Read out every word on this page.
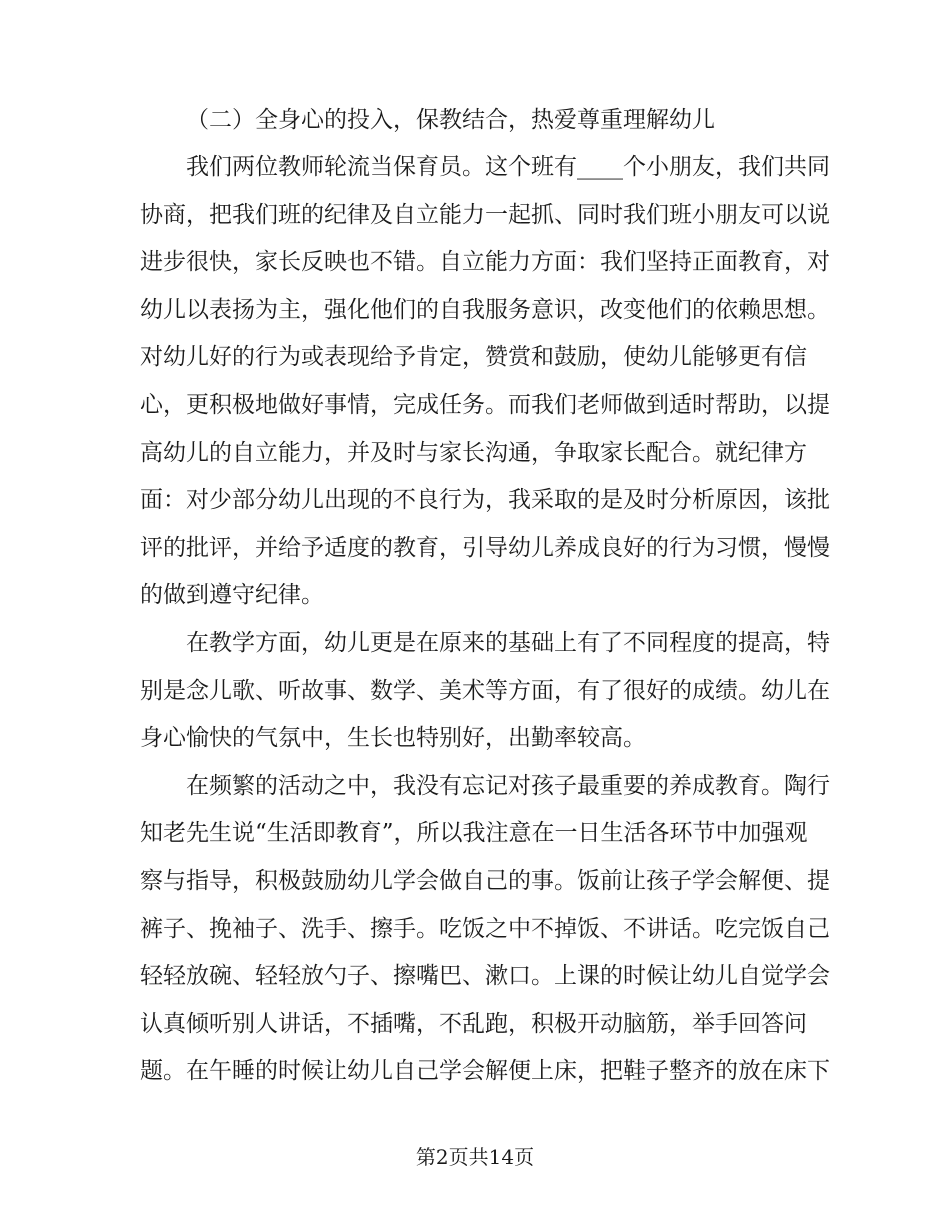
（二）全身心的投入，保教结合，热爱尊重理解幼儿

我们两位教师轮流当保育员。这个班有____个小朋友，我们共同

协商，把我们班的纪律及自立能力一起抓、同时我们班小朋友可以说

进步很快，家长反映也不错。自立能力方面：我们坚持正面教育，对

幼儿以表扬为主，强化他们的自我服务意识，改变他们的依赖思想。

对幼儿好的行为或表现给予肯定，赞赏和鼓励，使幼儿能够更有信

心，更积极地做好事情，完成任务。而我们老师做到适时帮助，以提

高幼儿的自立能力，并及时与家长沟通，争取家长配合。就纪律方

面：对少部分幼儿出现的不良行为，我采取的是及时分析原因，该批

评的批评，并给予适度的教育，引导幼儿养成良好的行为习惯，慢慢

的做到遵守纪律。

在教学方面，幼儿更是在原来的基础上有了不同程度的提高，特

别是念儿歌、听故事、数学、美术等方面，有了很好的成绩。幼儿在

身心愉快的气氛中，生长也特别好，出勤率较高。

在频繁的活动之中，我没有忘记对孩子最重要的养成教育。陶行

知老先生说“生活即教育”，所以我注意在一日生活各环节中加强观

察与指导，积极鼓励幼儿学会做自己的事。饭前让孩子学会解便、提

裤子、挽袖子、洗手、擦手。吃饭之中不掉饭、不讲话。吃完饭自己

轻轻放碗、轻轻放勺子、擦嘴巴、漱口。上课的时候让幼儿自觉学会

认真倾听别人讲话，不插嘴，不乱跑，积极开动脑筋，举手回答问

题。在午睡的时候让幼儿自己学会解便上床，把鞋子整齐的放在床下

第2页共14页
